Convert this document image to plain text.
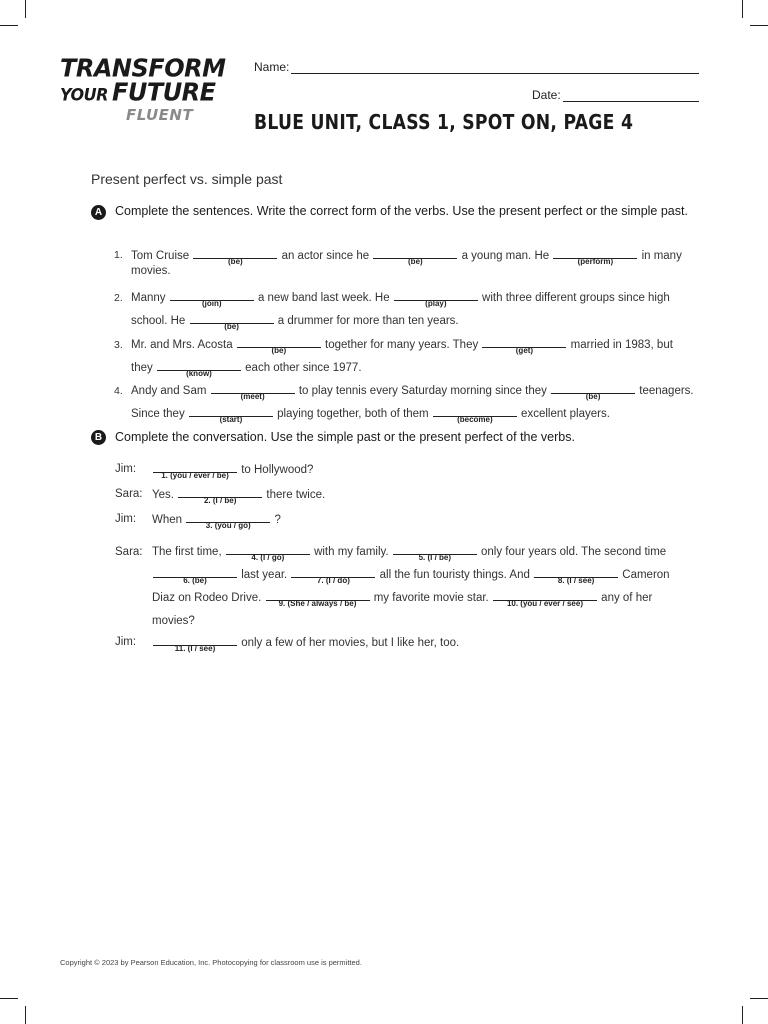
TRANSFORM
YOUR FUTURE
FLUENT
Name:
Date:
BLUE UNIT, CLASS 1, SPOT ON, PAGE 4
Present perfect vs. simple past
A	Complete the sentences. Write the correct form of the verbs. Use the present perfect or the simple past.
1. Tom Cruise	(be)	an actor since he	(be)	a young man. He	(perform)	in many movies.
2. Manny	(join)	a new band last week. He	(play)	with three different groups since high school. He	(be)	a drummer for more than ten years.
3. Mr. and Mrs. Acosta	(be)	together for many years. They	(get)	married in 1983, but they	(know)	each other since 1977.
4. Andy and Sam	(meet)	to play tennis every Saturday morning since they	(be)	teenagers. Since they	(start)	playing together, both of them	(become)	excellent players.
B	Complete the conversation. Use the simple past or the present perfect of the verbs.
Jim:
1. (you / ever / be)	to Hollywood?
Sara: Yes.	2. (I / be)	there twice.
Jim: When	3. (you / go)	?
Sara: The first time,	4. (I / go)	with my family.	5. (I / be)	only four years old. The second time
6. (be)	last year.	7. (I / do)	all the fun touristy things. And	8. (I / see)	Cameron Diaz on Rodeo Drive.	9. (She / always / be)	my favorite movie star.	10. (you / ever / see)	any of her movies?
Jim:
11. (I / see)	only a few of her movies, but I like her, too.
Copyright © 2023 by Pearson Education, Inc. Photocopying for classroom use is permitted.
